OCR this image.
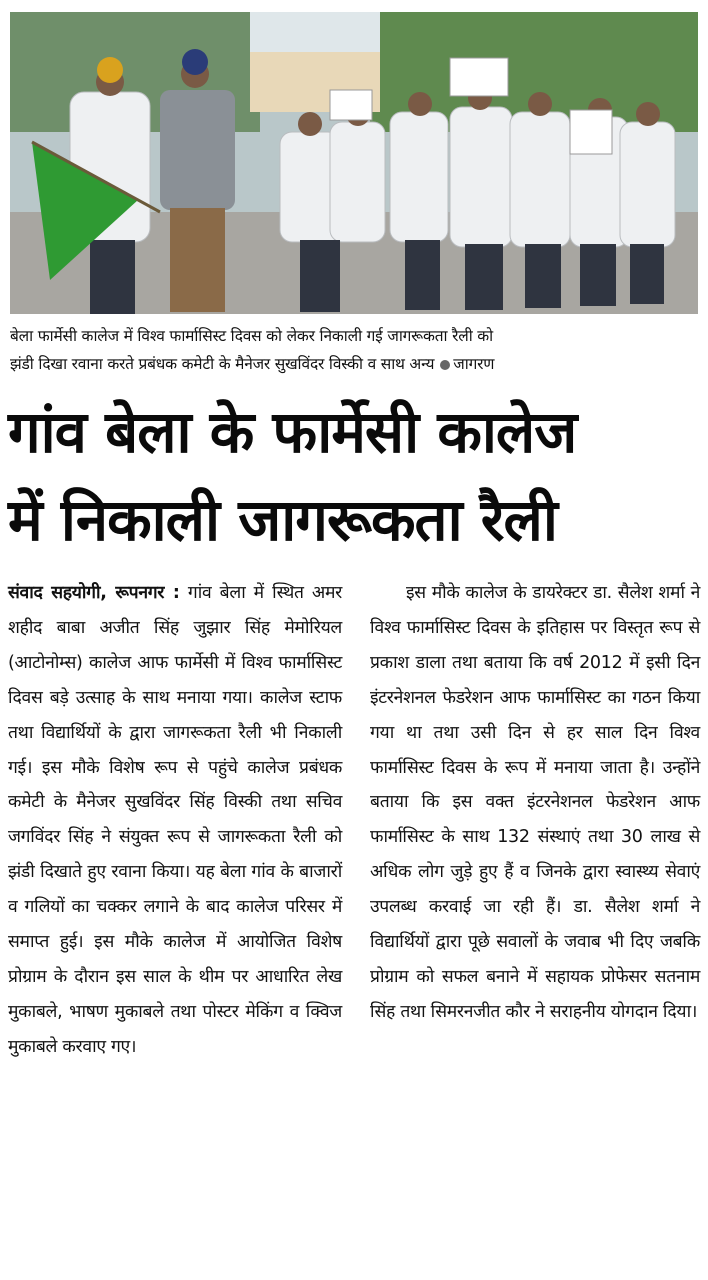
बेला फार्मेसी कालेज में विश्व फार्मासिस्ट दिवस को लेकर निकाली गई जागरूकता रैली को
झंडी दिखा रवाना करते प्रबंधक कमेटी के मैनेजर सुखविंदर विस्की व साथ अन्य जागरण
गांव बेला के फार्मेसी कालेज
में निकाली जागरूकता रैली
संवाद सहयोगी, रूपनगर : गांव बेला में स्थित अमर शहीद बाबा अजीत सिंह जुझार सिंह मेमोरियल (आटोनोम्स) कालेज आफ फार्मेसी में विश्व फार्मासिस्ट दिवस बड़े उत्साह के साथ मनाया गया। कालेज स्टाफ तथा विद्यार्थियों के द्वारा जागरूकता रैली भी निकाली गई। इस मौके विशेष रूप से पहुंचे कालेज प्रबंधक कमेटी के मैनेजर सुखविंदर सिंह विस्की तथा सचिव जगविंदर सिंह ने संयुक्त रूप से जागरूकता रैली को झंडी दिखाते हुए रवाना किया। यह बेला गांव के बाजारों व गलियों का चक्कर लगाने के बाद कालेज परिसर में समाप्त हुई। इस मौके कालेज में आयोजित विशेष प्रोग्राम के दौरान इस साल के थीम पर आधारित लेख मुकाबले, भाषण मुकाबले तथा पोस्टर मेकिंग व क्विज मुकाबले करवाए गए।
इस मौके कालेज के डायरेक्टर डा. सैलेश शर्मा ने विश्व फार्मासिस्ट दिवस के इतिहास पर विस्तृत रूप से प्रकाश डाला तथा बताया कि वर्ष 2012 में इसी दिन इंटरनेशनल फेडरेशन आफ फार्मासिस्ट का गठन किया गया था तथा उसी दिन से हर साल दिन विश्व फार्मासिस्ट दिवस के रूप में मनाया जाता है। उन्होंने बताया कि इस वक्त इंटरनेशनल फेडरेशन आफ फार्मासिस्ट के साथ 132 संस्थाएं तथा 30 लाख से अधिक लोग जुड़े हुए हैं व जिनके द्वारा स्वास्थ्य सेवाएं उपलब्ध करवाई जा रही हैं। डा. सैलेश शर्मा ने विद्यार्थियों द्वारा पूछे सवालों के जवाब भी दिए जबकि प्रोग्राम को सफल बनाने में सहायक प्रोफेसर सतनाम सिंह तथा सिमरनजीत कौर ने सराहनीय योगदान दिया।
